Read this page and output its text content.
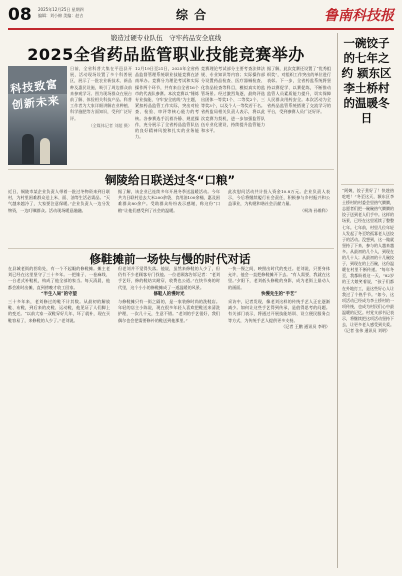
08 2025年12月25日 星期四
编辑：刘小棉 美编：赵吉	综 合	鲁南科技报
锻造过硬专业队伍　守牢药品安全底线
2025全省药品监管职业技能竞赛举办
科技致富 创新未来
日前，全省科普大集在平邑县开展，活动现场设置了多个科普展区，展示了一批农业新技术、新品种及惠民设施，吸引了周边群众前来参观学习。图为现场群众在展台前了解、体验相关科技产品。科普工作者为大家详细讲解农业种植、科学施肥等方面知识，受到广泛好评。
（全媒体记者 刘超 摄）
12月19日至21日，2025年全省药品监督管理系统职业技能竞赛在济南举办。竞赛分为理论考试和实际操作两个环节，共有来自全省16个市的代表队参赛。本次竞赛以“锤炼专业技能、守牢安全底线”为主题，紧扣药品监管工作实际，突出对检查、检验、审评等核心能力的考核。各参赛选手沉着冷静、规范操作，充分展示了全省药品监管队伍的良好精神风貌和扎实的业务能力。
竞赛理论考试部分主要考查法律法规、专业知识等内容；实际操作部分设置药品检查、医疗器械检查、化妆品检查等科目，模拟真实的监管场景。经过激烈角逐，最终评选出团体一等奖1个、二等奖2个、三等奖3个，以及个人一等奖若干名。省药监局相关负责人表示，将以此次竞赛为契机，进一步加强监管队伍专业化建设，持续提升监管能力和水平。
据了解，此次竞赛还设置了“优秀组织奖”，对组织工作突出的单位进行表彰。下一步，全省药监系统将坚持以赛促学、以赛促练，不断推动监管人员素质能力提升，切实保障人民群众用药安全。本次活动为全省药品监管系统搭建了交流学习的平台，受到参赛人员广泛好评。
铜陵给日联送过冬“口粮”
近日，铜陵市某企业负责人带着一批过冬物资来到日联村，为村里困难群众送上米、面、油等生活必需品。“天气越来越冷了，大家要注意保暖。”企业负责人一边分发物资，一边叮嘱群众。活动现场暖意融融。
据了解，该企业已连续多年开展冬季送温暖活动。今年共为日联村送去大米200余袋、食用油100余桶，惠及困难群众80余户。受助群众纷纷表示感谢，称这份“口粮”让他们感受到了社会的温暖。
此次慰问活动共计投入资金10.8万元。企业负责人表示，今后将继续履行社会责任，积极参与乡村振兴和公益事业，为构建和谐社会贡献力量。
（柯涛 孙维科）
修鞋摊前一场快与慢的时代对话
在县城老街的拐角处，有一个不起眼的修鞋摊。摊主老刘已经在这里坚守了三十多年。一把锥子、一卷麻线、一台老式补鞋机，构成了他全部的家当。每天清晨，他都会准时出摊，直到傍晚才收工回家。
“半生入局”的守望
三十多年来，老刘修过的鞋不计其数。从最初的解放鞋、布鞋，到后来的皮鞋、运动鞋，他见证了人们脚上的变迁。“以前大家一双鞋穿好几年，坏了就补，现在买鞋容易了，来修鞋的人少了。”老刘说。
但老刘并不觉得失落。他说，虽然来修鞋的人少了，但仍有不少老顾客专门找他。一位老顾客告诉记者：“老刘手艺好，修的鞋结实耐穿，收费也公道。”在快节奏的时代里，这个小小的修鞋摊成了一道温暖的风景。
修鞋人的慢时光
与修鞋摊只有一街之隔的，是一家装修时尚的洗鞋店。年轻的店主小陈说，现在很多年轻人喜欢把鞋送来清洗护理，一次几十元，生意不错。“老刘的手艺很好，我们偶尔也会把需要修补的鞋送到他那里。”
一快一慢之间，映照出时代的变迁。老刘说，只要身体允许，他会一直把修鞋摊开下去。“有人需要，我就在这里。”夕阳下，老刘低头修鞋的身影，成为老街上最动人的画面。
快慢先生的“手艺”
采访中，记者发现，像老刘这样的传统手艺人正在逐渐减少。如何让这些手艺得到传承，是值得思考的问题。有关部门表示，将通过开展技能培训、设立便民服务点等方式，为传统手艺人提供更多支持。
（记者 王鹏 通讯员 李明）
一碗饺子的七年之约 颍东区李土桥村的温暖冬日
“阿姨，饺子煮好了！快趁热吃吧！”冬至这天，颍东区李土桥村的村委会里热气腾腾，志愿者们把一碗碗热气腾腾的饺子送到老人们手中。这样的场景，已经在这里延续了整整七年。七年前，村里几位年轻人发起了冬至给孤寡老人送饺子的活动。没想到，这一做就坚持了下来，参与的人越来越多。从最初的几个人，到现在的几十人；从最初的十几碗饺子，到现在的上百碗，这份温暖在村里不断传递。“每年冬至，我都盼着这一天。”82岁的王大娘笑着说，“孩子们都在外地打工，是这些好心人让我过了个热乎节。”如今，这项活动已经成为李土桥村的一项传统，也成为村民们心中最温暖的记忆。村党支部书记表示，将继续把这项活动坚持下去，让更多老人感受到关爱。（记者 张伟 通讯员 刘明）
